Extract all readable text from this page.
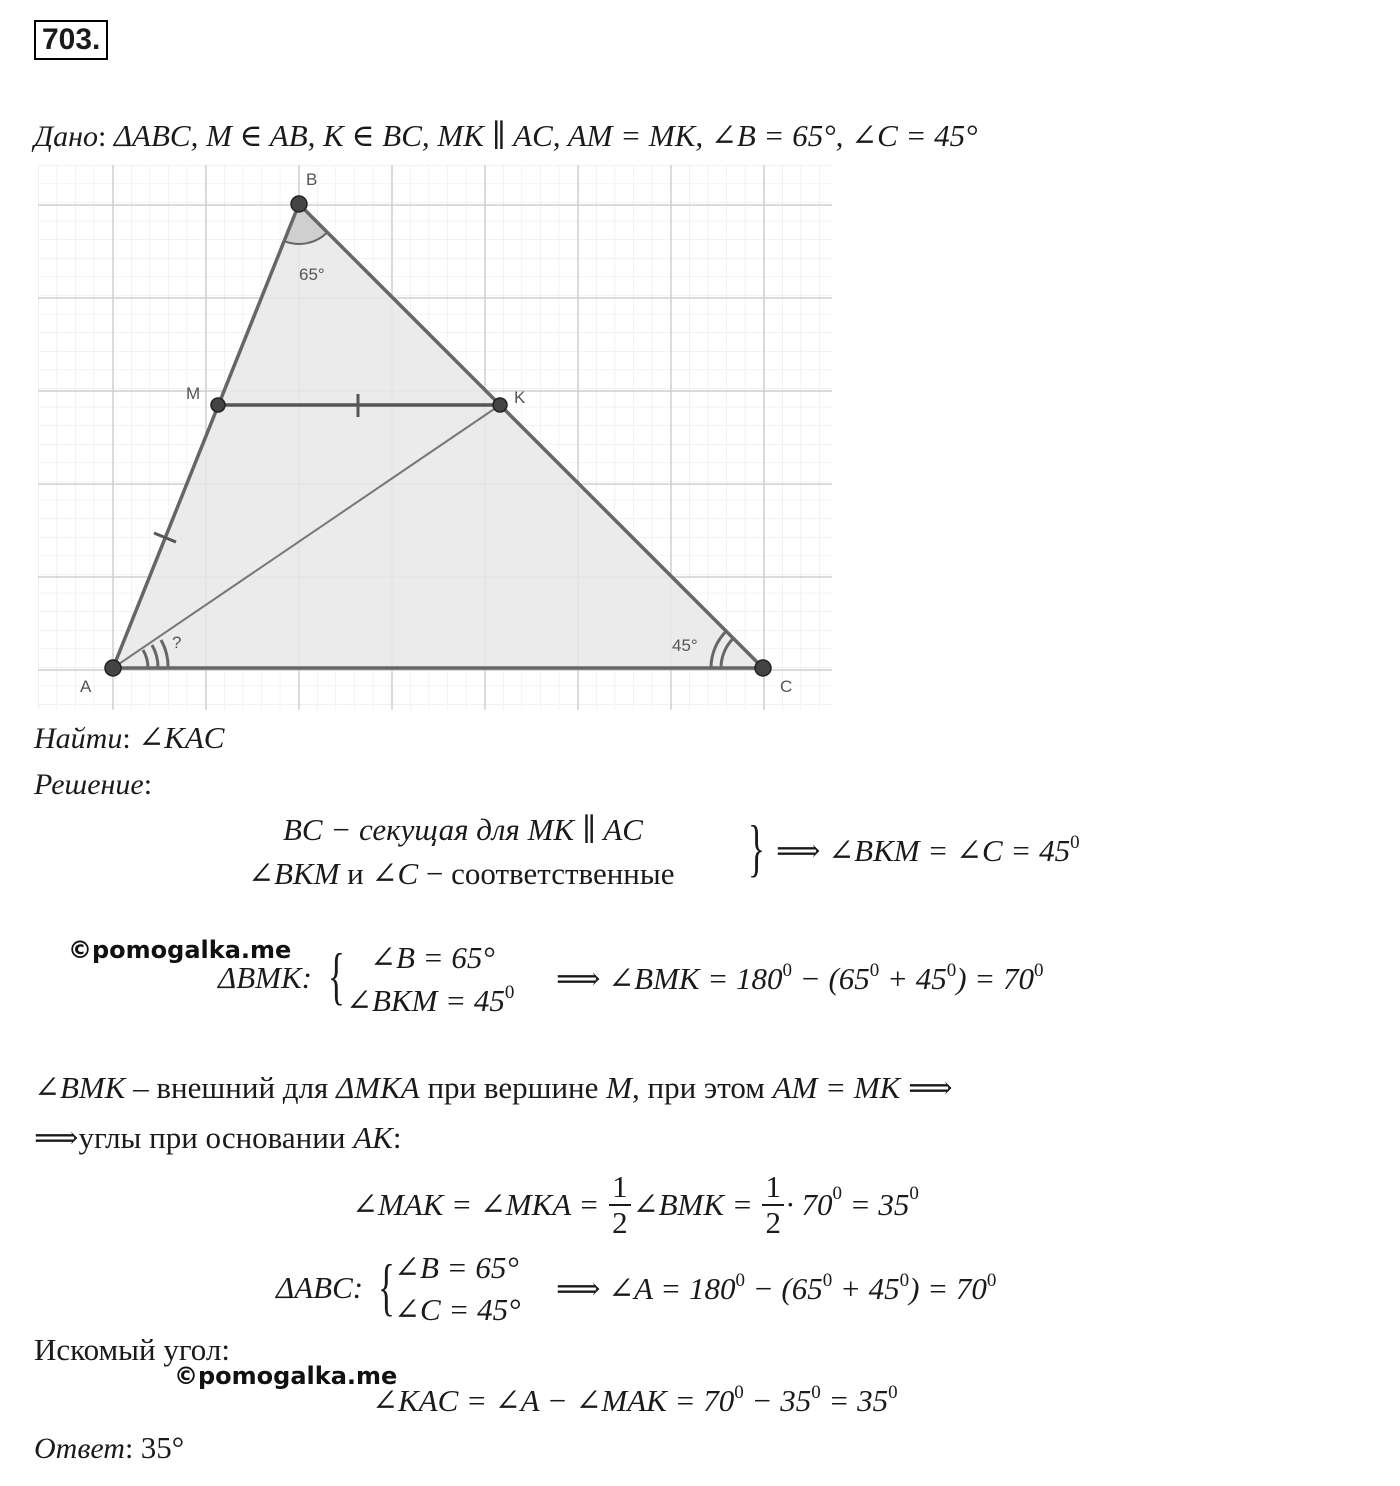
703.
Дано: ΔABC, M ∈ AB, K ∈ BC, MK ∥ AC, AM = MK, ∠B = 65°, ∠C = 45°
B
A	C
M	K
65°
45°
?
Найти: ∠KAC
Решение:
BC − секущая для MK ∥ AC
∠BKM и ∠C − соответственные } ⟹ ∠BKM = ∠C = $45^0$
©pomogalka.me
ΔBMK: { ∠B = 65°
∠BKM = $45^0$ ⟹ ∠BMK = $180^0 - (65^0 + 45^0) = 70^0$
∠BMK – внешний для ΔMKA при вершине M, при этом AM = MK ⟹
⟹углы при основании AK:
∠MAK = ∠MKA = $\frac{1}{2}$ ∠BMK = $\frac{1}{2} \cdot 70^0 = 35^0$
ΔABC: { ∠B = 65°
∠C = 45°
⟹ ∠A = $180^0 - (65^0 + 45^0) = 70^0$
Искомый угол:
©pomogalka.me
∠KAC = ∠A − ∠MAK = $70^0 - 35^0 = 35^0$
Ответ: 35°
